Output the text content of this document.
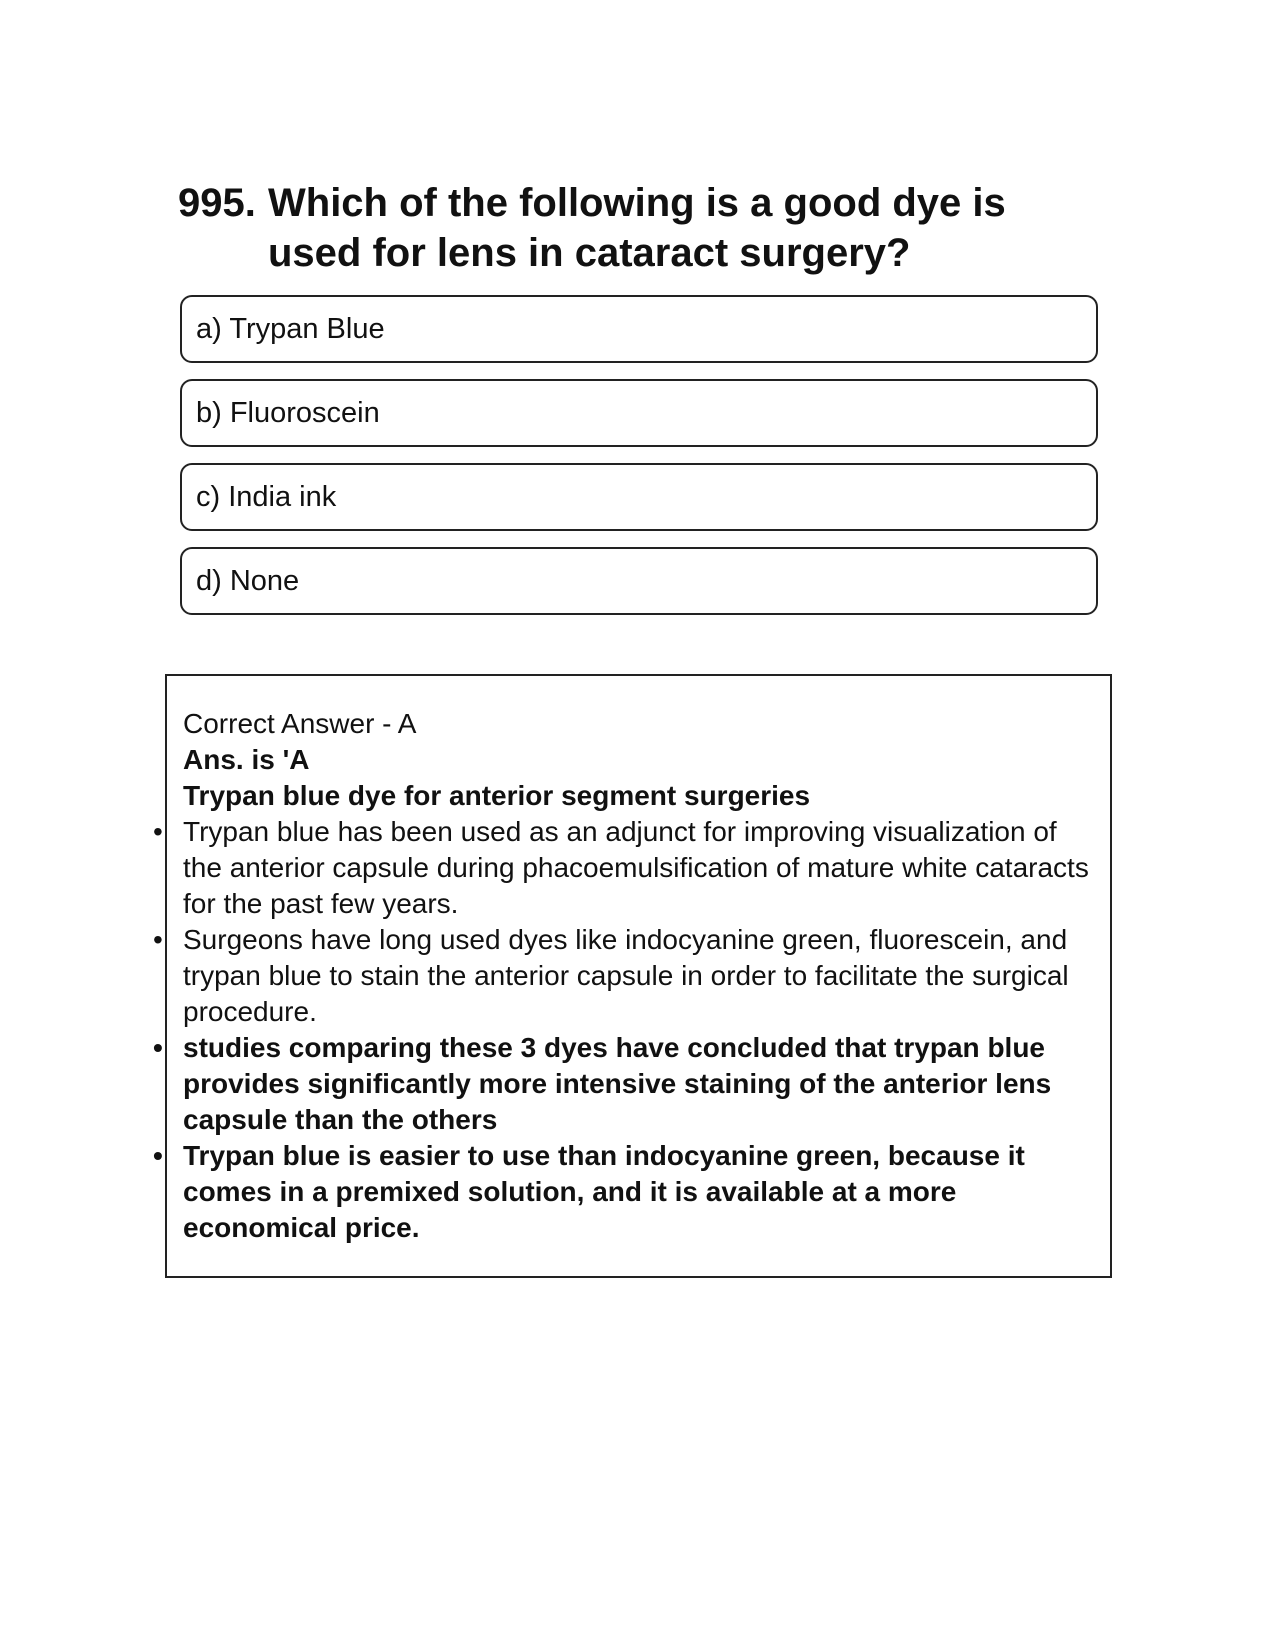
995. Which of the following is a good dye is used for lens in cataract surgery?
a) Trypan Blue
b) Fluoroscein
c) India ink
d) None
Correct Answer - A
Ans. is 'A
Trypan blue dye for anterior segment surgeries
• Trypan blue has been used as an adjunct for improving visualization of the anterior capsule during phacoemulsification of mature white cataracts for the past few years.
• Surgeons have long used dyes like indocyanine green, fluorescein, and trypan blue to stain the anterior capsule in order to facilitate the surgical procedure.
• studies comparing these 3 dyes have concluded that trypan blue provides significantly more intensive staining of the anterior lens capsule than the others
• Trypan blue is easier to use than indocyanine green, because it comes in a premixed solution, and it is available at a more economical price.
